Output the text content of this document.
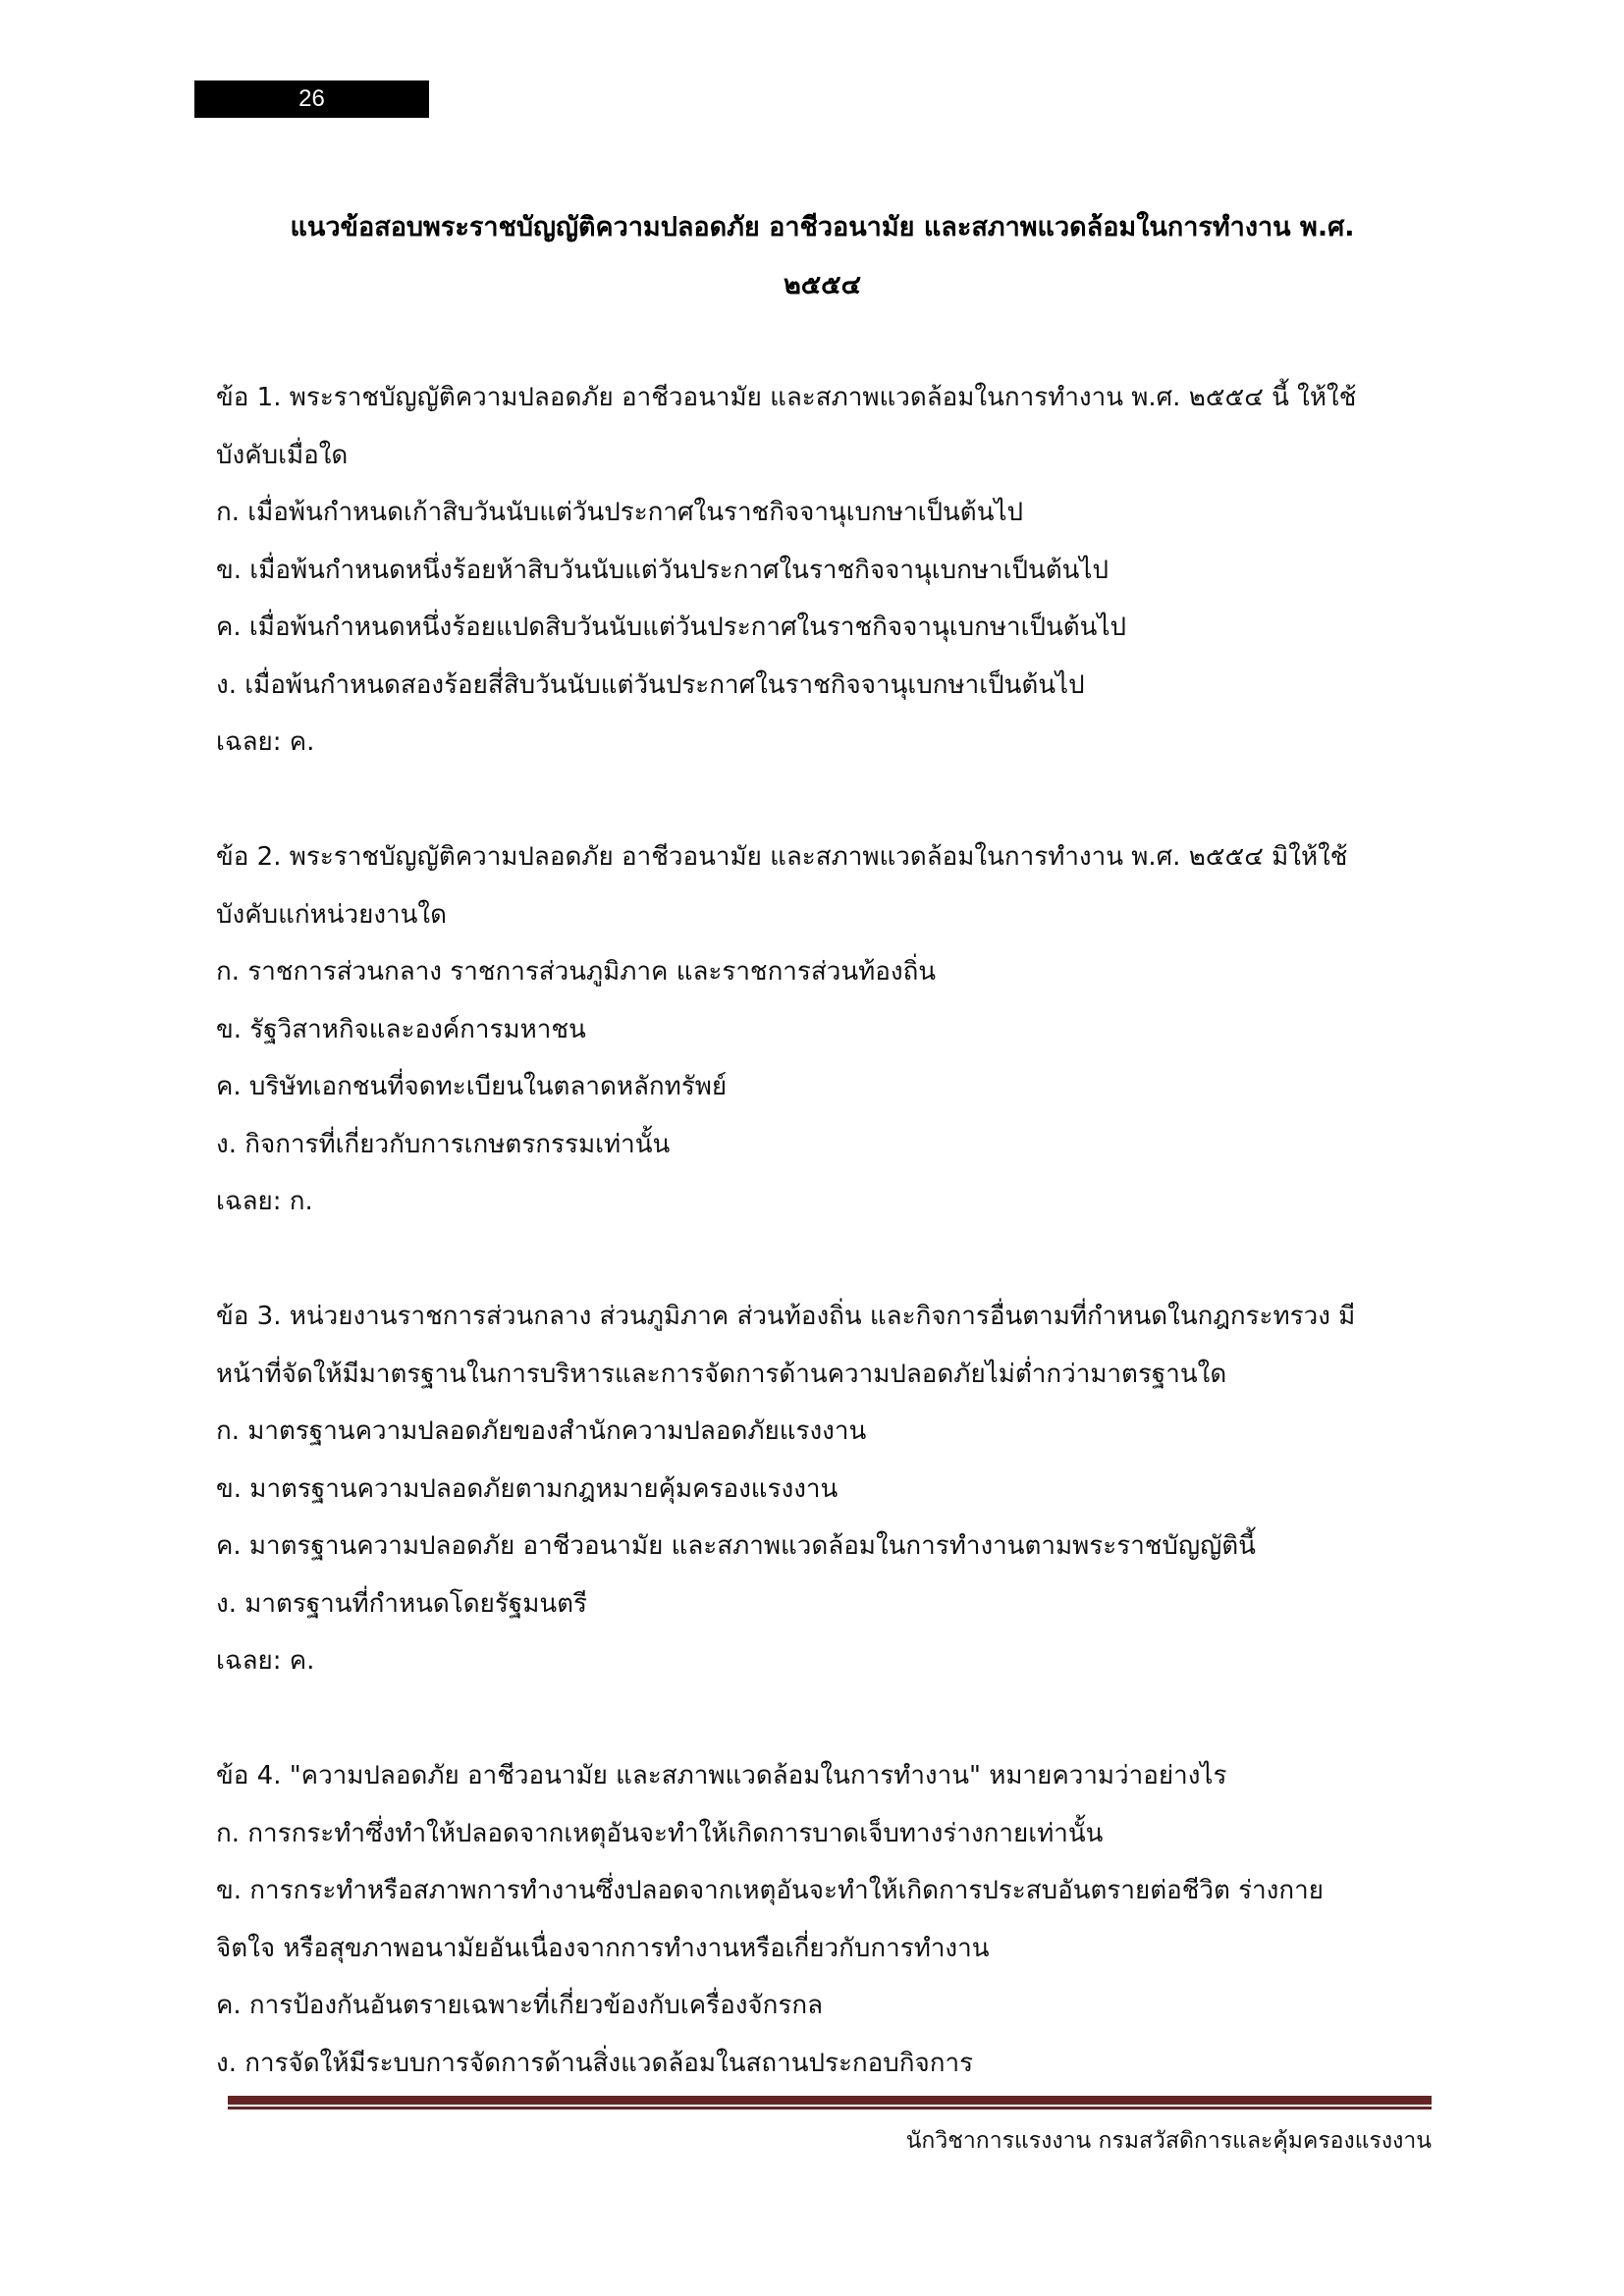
26
แนวข้อสอบพระราชบัญญัติความปลอดภัย อาชีวอนามัย และสภาพแวดล้อมในการทำงาน พ.ศ.
๒๕๕๔
ข้อ 1. พระราชบัญญัติความปลอดภัย อาชีวอนามัย และสภาพแวดล้อมในการทำงาน พ.ศ. ๒๕๕๔ นี้ ให้ใช้
บังคับเมื่อใด
ก. เมื่อพ้นกำหนดเก้าสิบวันนับแต่วันประกาศในราชกิจจานุเบกษาเป็นต้นไป
ข. เมื่อพ้นกำหนดหนึ่งร้อยห้าสิบวันนับแต่วันประกาศในราชกิจจานุเบกษาเป็นต้นไป
ค. เมื่อพ้นกำหนดหนึ่งร้อยแปดสิบวันนับแต่วันประกาศในราชกิจจานุเบกษาเป็นต้นไป
ง. เมื่อพ้นกำหนดสองร้อยสี่สิบวันนับแต่วันประกาศในราชกิจจานุเบกษาเป็นต้นไป
เฉลย: ค.
ข้อ 2. พระราชบัญญัติความปลอดภัย อาชีวอนามัย และสภาพแวดล้อมในการทำงาน พ.ศ. ๒๕๕๔ มิให้ใช้
บังคับแก่หน่วยงานใด
ก. ราชการส่วนกลาง ราชการส่วนภูมิภาค และราชการส่วนท้องถิ่น
ข. รัฐวิสาหกิจและองค์การมหาชน
ค. บริษัทเอกชนที่จดทะเบียนในตลาดหลักทรัพย์
ง. กิจการที่เกี่ยวกับการเกษตรกรรมเท่านั้น
เฉลย: ก.
ข้อ 3. หน่วยงานราชการส่วนกลาง ส่วนภูมิภาค ส่วนท้องถิ่น และกิจการอื่นตามที่กำหนดในกฎกระทรวง มี
หน้าที่จัดให้มีมาตรฐานในการบริหารและการจัดการด้านความปลอดภัยไม่ต่ำกว่ามาตรฐานใด
ก. มาตรฐานความปลอดภัยของสำนักความปลอดภัยแรงงาน
ข. มาตรฐานความปลอดภัยตามกฎหมายคุ้มครองแรงงาน
ค. มาตรฐานความปลอดภัย อาชีวอนามัย และสภาพแวดล้อมในการทำงานตามพระราชบัญญัตินี้
ง. มาตรฐานที่กำหนดโดยรัฐมนตรี
เฉลย: ค.
ข้อ 4. "ความปลอดภัย อาชีวอนามัย และสภาพแวดล้อมในการทำงาน" หมายความว่าอย่างไร
ก. การกระทำซึ่งทำให้ปลอดจากเหตุอันจะทำให้เกิดการบาดเจ็บทางร่างกายเท่านั้น
ข. การกระทำหรือสภาพการทำงานซึ่งปลอดจากเหตุอันจะทำให้เกิดการประสบอันตรายต่อชีวิต ร่างกาย
จิตใจ หรือสุขภาพอนามัยอันเนื่องจากการทำงานหรือเกี่ยวกับการทำงาน
ค. การป้องกันอันตรายเฉพาะที่เกี่ยวข้องกับเครื่องจักรกล
ง. การจัดให้มีระบบการจัดการด้านสิ่งแวดล้อมในสถานประกอบกิจการ
นักวิชาการแรงงาน กรมสวัสดิการและคุ้มครองแรงงาน
